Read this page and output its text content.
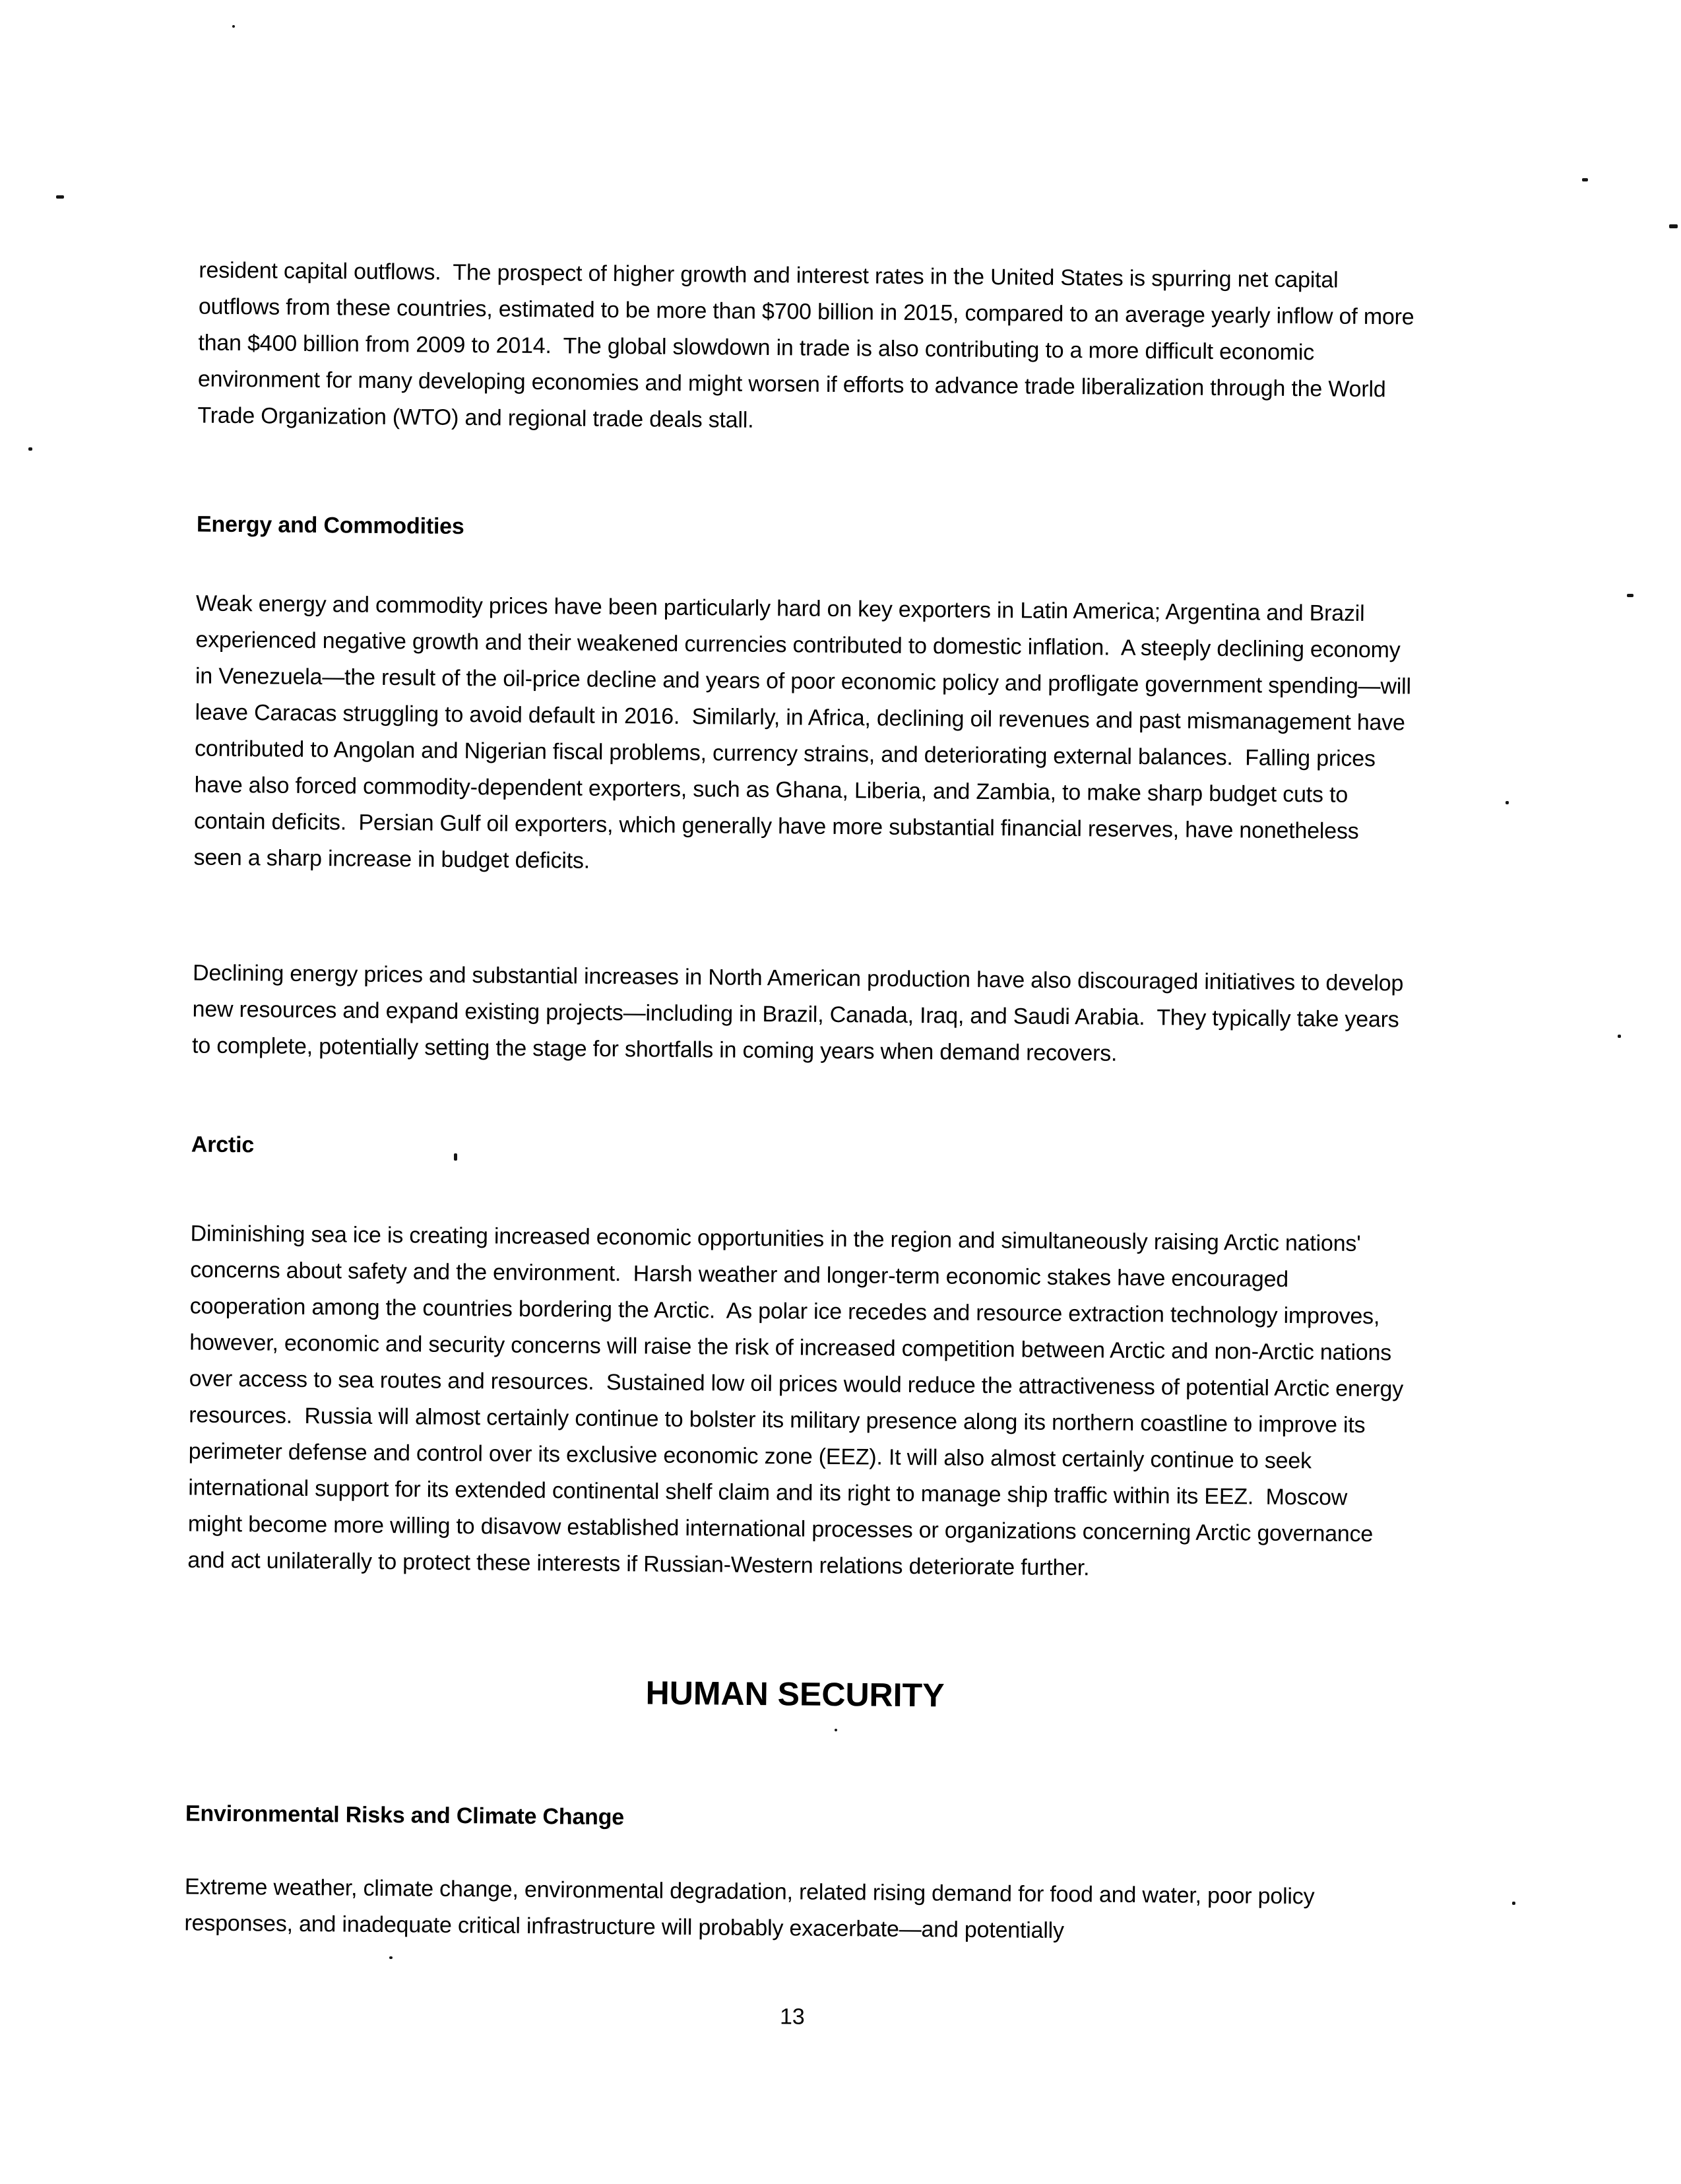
resident capital outflows.  The prospect of higher growth and interest rates in the United States is spurring net capital outflows from these countries, estimated to be more than $700 billion in 2015, compared to an average yearly inflow of more than $400 billion from 2009 to 2014.  The global slowdown in trade is also contributing to a more difficult economic environment for many developing economies and might worsen if efforts to advance trade liberalization through the World Trade Organization (WTO) and regional trade deals stall.
Energy and Commodities
Weak energy and commodity prices have been particularly hard on key exporters in Latin America; Argentina and Brazil experienced negative growth and their weakened currencies contributed to domestic inflation.  A steeply declining economy in Venezuela—the result of the oil-price decline and years of poor economic policy and profligate government spending—will leave Caracas struggling to avoid default in 2016.  Similarly, in Africa, declining oil revenues and past mismanagement have contributed to Angolan and Nigerian fiscal problems, currency strains, and deteriorating external balances.  Falling prices have also forced commodity-dependent exporters, such as Ghana, Liberia, and Zambia, to make sharp budget cuts to contain deficits.  Persian Gulf oil exporters, which generally have more substantial financial reserves, have nonetheless seen a sharp increase in budget deficits.
Declining energy prices and substantial increases in North American production have also discouraged initiatives to develop new resources and expand existing projects—including in Brazil, Canada, Iraq, and Saudi Arabia.  They typically take years to complete, potentially setting the stage for shortfalls in coming years when demand recovers.
Arctic
Diminishing sea ice is creating increased economic opportunities in the region and simultaneously raising Arctic nations' concerns about safety and the environment.  Harsh weather and longer-term economic stakes have encouraged cooperation among the countries bordering the Arctic.  As polar ice recedes and resource extraction technology improves, however, economic and security concerns will raise the risk of increased competition between Arctic and non-Arctic nations over access to sea routes and resources.  Sustained low oil prices would reduce the attractiveness of potential Arctic energy resources.  Russia will almost certainly continue to bolster its military presence along its northern coastline to improve its perimeter defense and control over its exclusive economic zone (EEZ). It will also almost certainly continue to seek international support for its extended continental shelf claim and its right to manage ship traffic within its EEZ.  Moscow might become more willing to disavow established international processes or organizations concerning Arctic governance and act unilaterally to protect these interests if Russian-Western relations deteriorate further.
HUMAN SECURITY
Environmental Risks and Climate Change
Extreme weather, climate change, environmental degradation, related rising demand for food and water, poor policy responses, and inadequate critical infrastructure will probably exacerbate—and potentially
13
